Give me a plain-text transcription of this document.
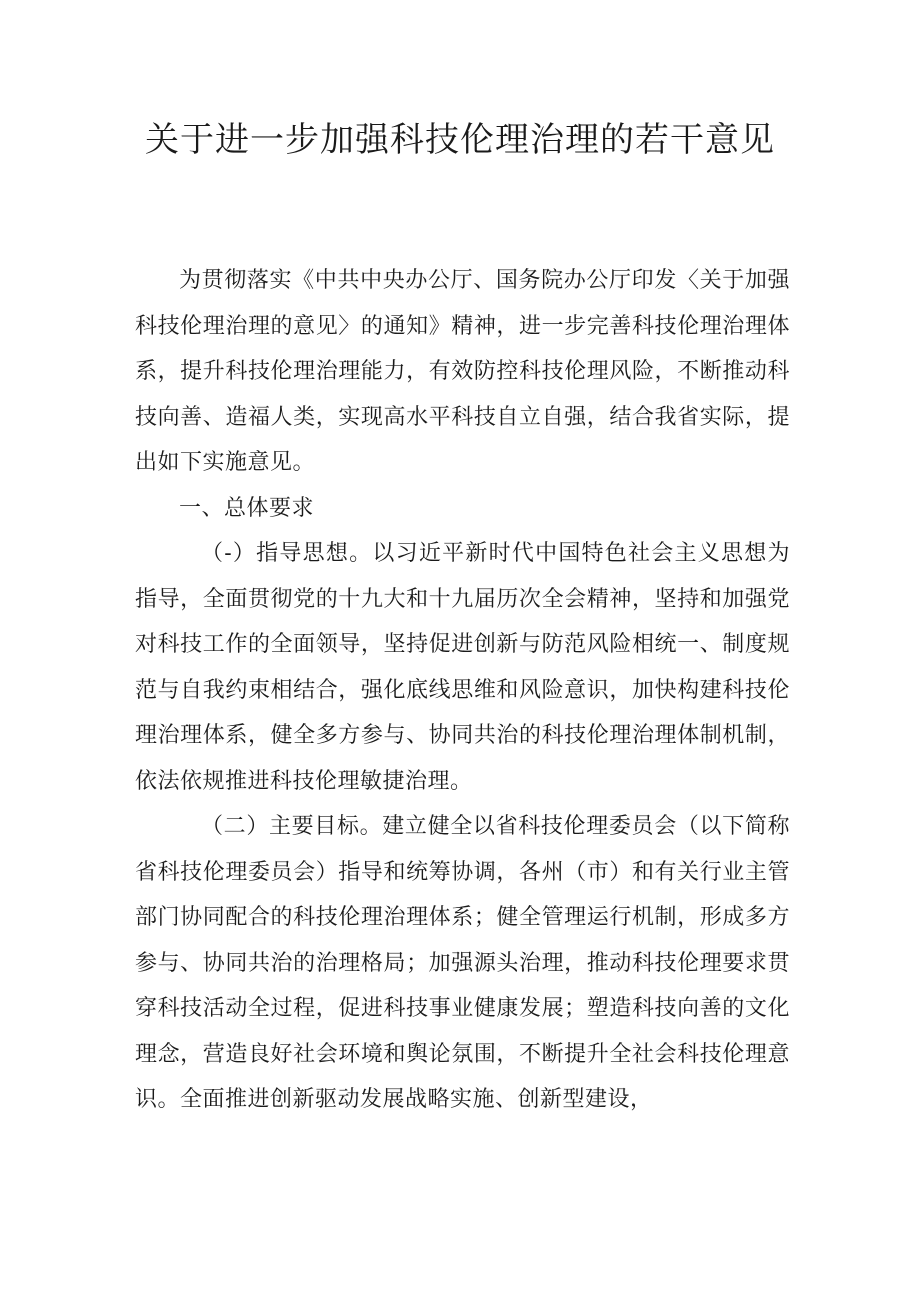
关于进一步加强科技伦理治理的若干意见

为贯彻落实《中共中央办公厅、国务院办公厅印发〈关于加强科技伦理治理的意见〉的通知》精神，进一步完善科技伦理治理体系，提升科技伦理治理能力，有效防控科技伦理风险，不断推动科技向善、造福人类，实现高水平科技自立自强，结合我省实际，提出如下实施意见。

一、总体要求

（-）指导思想。以习近平新时代中国特色社会主义思想为指导，全面贯彻党的十九大和十九届历次全会精神，坚持和加强党对科技工作的全面领导，坚持促进创新与防范风险相统一、制度规范与自我约束相结合，强化底线思维和风险意识，加快构建科技伦理治理体系，健全多方参与、协同共治的科技伦理治理体制机制，依法依规推进科技伦理敏捷治理。

（二）主要目标。建立健全以省科技伦理委员会（以下简称省科技伦理委员会）指导和统筹协调，各州（市）和有关行业主管部门协同配合的科技伦理治理体系；健全管理运行机制，形成多方参与、协同共治的治理格局；加强源头治理，推动科技伦理要求贯穿科技活动全过程，促进科技事业健康发展；塑造科技向善的文化理念，营造良好社会环境和舆论氛围，不断提升全社会科技伦理意识。全面推进创新驱动发展战略实施、创新型建设，
